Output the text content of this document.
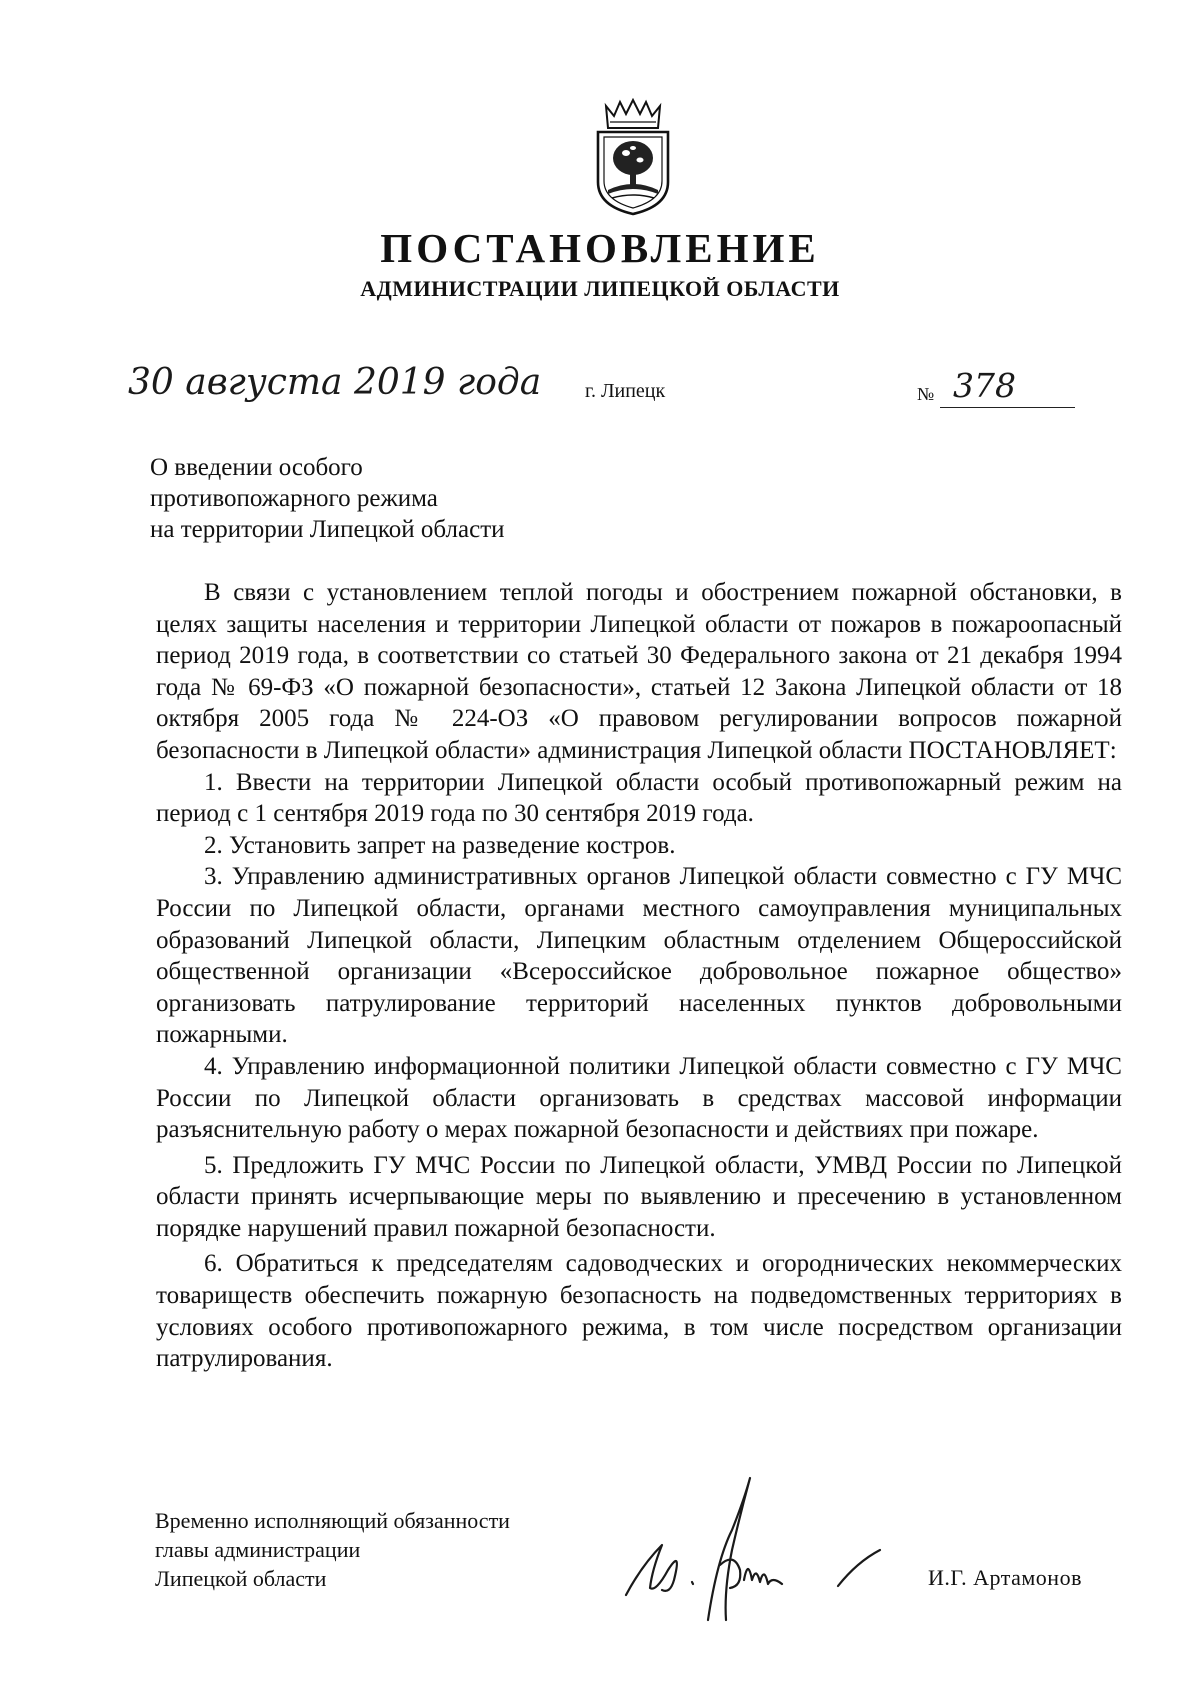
ПОСТАНОВЛЕНИЕ
АДМИНИСТРАЦИИ ЛИПЕЦКОЙ ОБЛАСТИ
30 августа 2019 года г. Липецк	№ 378
О введении особого
противопожарного режима
на территории Липецкой области

В связи с установлением теплой погоды и обострением пожарной обстановки, в целях защиты населения и территории Липецкой области от пожаров в пожароопасный период 2019 года, в соответствии со статьей 30 Федерального закона от 21 декабря 1994 года № 69-ФЗ «О пожарной безопасности», статьей 12 Закона Липецкой области от 18 октября 2005 года № 224-ОЗ «О правовом регулировании вопросов пожарной безопасности в Липецкой области» администрация Липецкой области ПОСТАНОВЛЯЕТ:

1. Ввести на территории Липецкой области особый противопожарный режим на период с 1 сентября 2019 года по 30 сентября 2019 года.

2. Установить запрет на разведение костров.

3. Управлению административных органов Липецкой области совместно с ГУ МЧС России по Липецкой области, органами местного самоуправления муниципальных образований Липецкой области, Липецким областным отделением Общероссийской общественной организации «Всероссийское добровольное пожарное общество» организовать патрулирование территорий населенных пунктов добровольными пожарными.

4. Управлению информационной политики Липецкой области совместно с ГУ МЧС России по Липецкой области организовать в средствах массовой информации разъяснительную работу о мерах пожарной безопасности и действиях при пожаре.

5. Предложить ГУ МЧС России по Липецкой области, УМВД России по Липецкой области принять исчерпывающие меры по выявлению и пресечению в установленном порядке нарушений правил пожарной безопасности.

6. Обратиться к председателям садоводческих и огороднических некоммерческих товариществ обеспечить пожарную безопасность на подведомственных территориях в условиях особого противопожарного режима, в том числе посредством организации патрулирования.

Временно исполняющий обязанности
главы администрации
Липецкой области	И.Г. Артамонов
